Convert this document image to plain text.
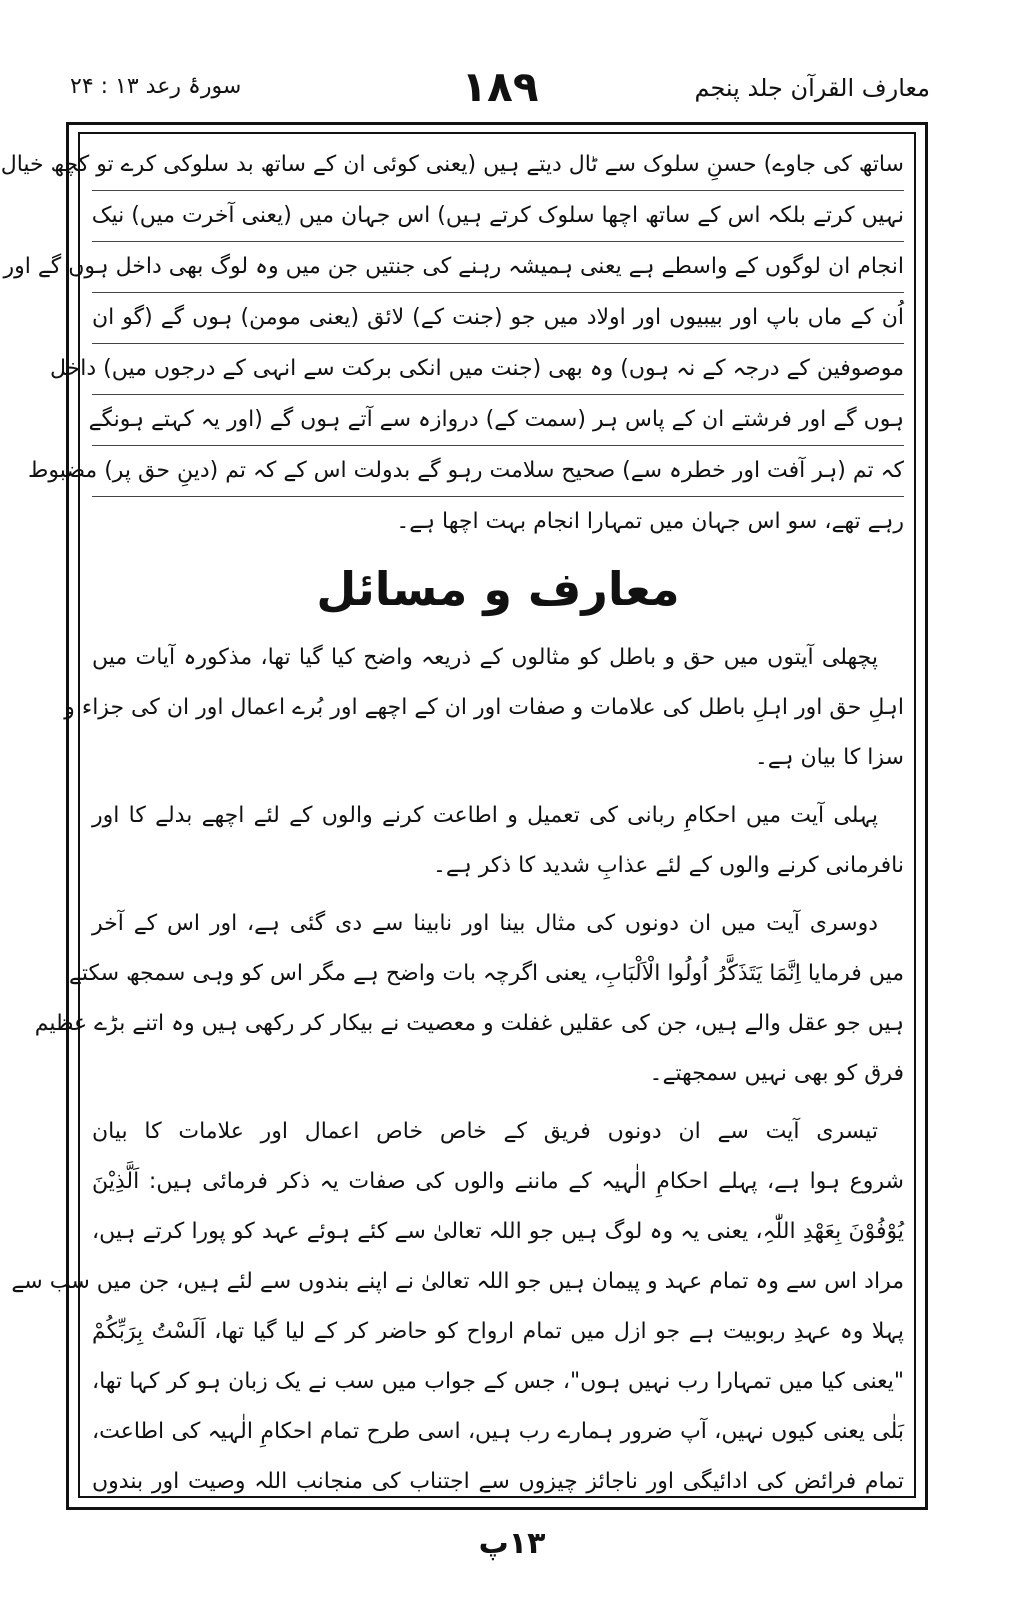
معارف القرآن جلد پنجم
۱۸۹
سورۂ رعد ۱۳ : ۲۴
ساتھ کی جاوے) حسنِ سلوک سے ٹال دیتے ہیں (یعنی کوئی ان کے ساتھ بد سلوکی کرے تو کچھ خیال
نہیں کرتے بلکہ اس کے ساتھ اچھا سلوک کرتے ہیں) اس جہان میں (یعنی آخرت میں) نیک
انجام ان لوگوں کے واسطے ہے یعنی ہمیشہ رہنے کی جنتیں جن میں وہ لوگ بھی داخل ہوں گے اور
اُن کے ماں باپ اور بیبیوں اور اولاد میں جو (جنت کے) لائق (یعنی مومن) ہوں گے (گو ان
موصوفین کے درجہ کے نہ ہوں) وہ بھی (جنت میں انکی برکت سے انہی کے درجوں میں) داخل
ہوں گے اور فرشتے ان کے پاس ہر (سمت کے) دروازہ سے آتے ہوں گے (اور یہ کہتے ہونگے
کہ تم (ہر آفت اور خطرہ سے) صحیح سلامت رہو گے بدولت اس کے کہ تم (دینِ حق پر) مضبوط
رہے تھے، سو اس جہان میں تمہارا انجام بہت اچھا ہے۔
معارف و مسائل
پچھلی آیتوں میں حق و باطل کو مثالوں کے ذریعہ واضح کیا گیا تھا، مذکورہ آیات میں
اہلِ حق اور اہلِ باطل کی علامات و صفات اور ان کے اچھے اور بُرے اعمال اور ان کی جزاء و
سزا کا بیان ہے۔
پہلی آیت میں احکامِ ربانی کی تعمیل و اطاعت کرنے والوں کے لئے اچھے بدلے کا اور
نافرمانی کرنے والوں کے لئے عذابِ شدید کا ذکر ہے۔
دوسری آیت میں ان دونوں کی مثال بینا اور نابینا سے دی گئی ہے، اور اس کے آخر
میں فرمایا اِنَّمَا یَتَذَکَّرُ اُولُوا الْاَلْبَابِ، یعنی اگرچہ بات واضح ہے مگر اس کو وہی سمجھ سکتے
ہیں جو عقل والے ہیں، جن کی عقلیں غفلت و معصیت نے بیکار کر رکھی ہیں وہ اتنے بڑے عظیم
فرق کو بھی نہیں سمجھتے۔
تیسری آیت سے ان دونوں فریق کے خاص خاص اعمال اور علامات کا بیان
شروع ہوا ہے، پہلے احکامِ الٰہیہ کے ماننے والوں کی صفات یہ ذکر فرمائی ہیں: اَلَّذِیْنَ
یُوْفُوْنَ بِعَھْدِ اللّٰہِ، یعنی یہ وہ لوگ ہیں جو اللہ تعالیٰ سے کئے ہوئے عہد کو پورا کرتے ہیں،
مراد اس سے وہ تمام عہد و پیمان ہیں جو اللہ تعالیٰ نے اپنے بندوں سے لئے ہیں، جن میں سب سے
پہلا وہ عہدِ ربوبیت ہے جو ازل میں تمام ارواح کو حاضر کر کے لیا گیا تھا، اَلَسْتُ بِرَبِّکُمْ
"یعنی کیا میں تمہارا رب نہیں ہوں"، جس کے جواب میں سب نے یک زبان ہو کر کہا تھا،
بَلٰی یعنی کیوں نہیں، آپ ضرور ہمارے رب ہیں، اسی طرح تمام احکامِ الٰہیہ کی اطاعت،
تمام فرائض کی ادائیگی اور ناجائز چیزوں سے اجتناب کی منجانب اللہ وصیت اور بندوں
۱۳پ
